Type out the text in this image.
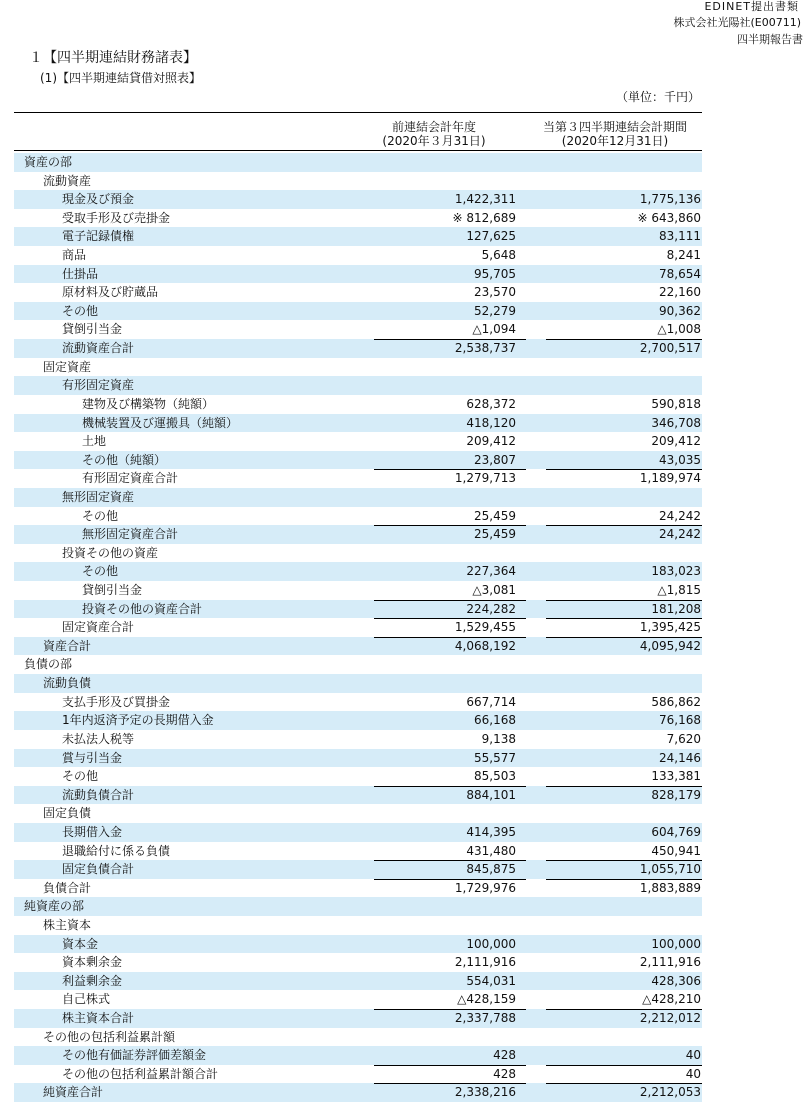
EDINET提出書類
株式会社光陽社(E00711)
四半期報告書
１【四半期連結財務諸表】
(1)【四半期連結貸借対照表】
（単位：千円）
前連結会計年度
(2020年３月31日)
当第３四半期連結会計期間
(2020年12月31日)
資産の部
流動資産
現金及び預金	1,422,311	1,775,136
受取手形及び売掛金	※ 812,689	※ 643,860
電子記録債権	127,625	83,111
商品	5,648	8,241
仕掛品	95,705	78,654
原材料及び貯蔵品	23,570	22,160
その他	52,279	90,362
貸倒引当金	△1,094	△1,008
流動資産合計	2,538,737	2,700,517
固定資産
有形固定資産
建物及び構築物（純額）	628,372	590,818
機械装置及び運搬具（純額）	418,120	346,708
土地	209,412	209,412
その他（純額）	23,807	43,035
有形固定資産合計	1,279,713	1,189,974
無形固定資産
その他	25,459	24,242
無形固定資産合計	25,459	24,242
投資その他の資産
その他	227,364	183,023
貸倒引当金	△3,081	△1,815
投資その他の資産合計	224,282	181,208
固定資産合計	1,529,455	1,395,425
資産合計	4,068,192	4,095,942
負債の部
流動負債
支払手形及び買掛金	667,714	586,862
1年内返済予定の長期借入金	66,168	76,168
未払法人税等	9,138	7,620
賞与引当金	55,577	24,146
その他	85,503	133,381
流動負債合計	884,101	828,179
固定負債
長期借入金	414,395	604,769
退職給付に係る負債	431,480	450,941
固定負債合計	845,875	1,055,710
負債合計	1,729,976	1,883,889
純資産の部
株主資本
資本金	100,000	100,000
資本剰余金	2,111,916	2,111,916
利益剰余金	554,031	428,306
自己株式	△428,159	△428,210
株主資本合計	2,337,788	2,212,012
その他の包括利益累計額
その他有価証券評価差額金	428	40
その他の包括利益累計額合計	428	40
純資産合計	2,338,216	2,212,053
